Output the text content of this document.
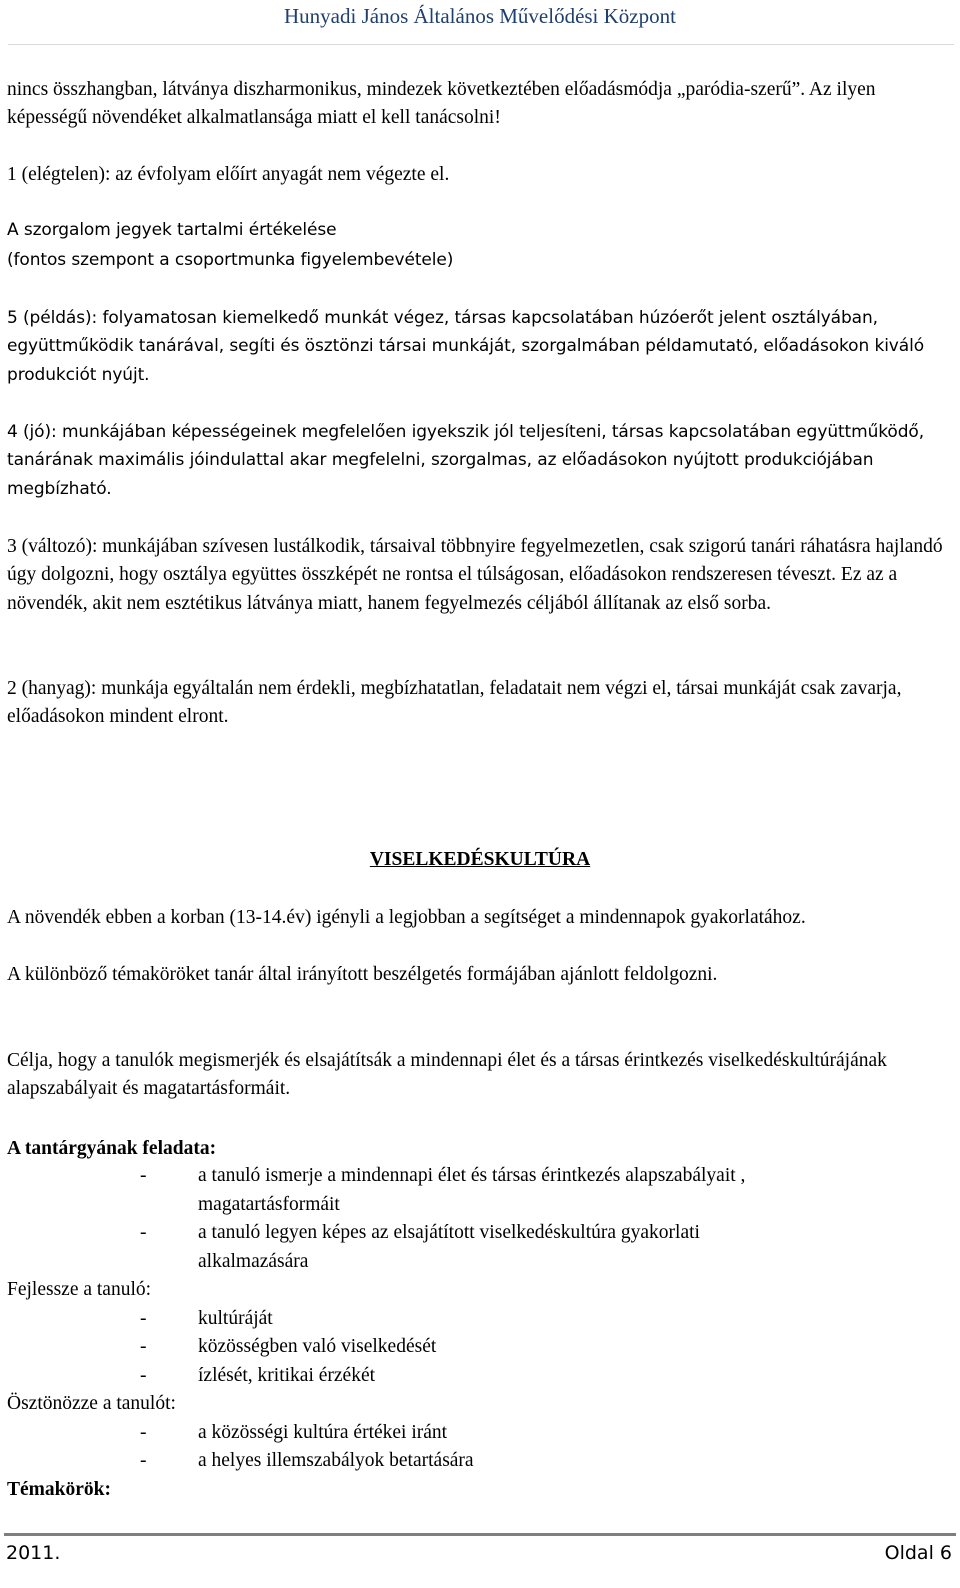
Hunyadi János Általános Művelődési Központ

nincs összhangban, látványa diszharmonikus, mindezek következtében előadásmódja „paródia-szerű”. Az ilyen képességű növendéket alkalmatlansága miatt el kell tanácsolni!

1 (elégtelen): az évfolyam előírt anyagát nem végezte el.

A szorgalom jegyek tartalmi értékelése

(fontos szempont a csoportmunka figyelembevétele)

5 (példás): folyamatosan kiemelkedő munkát végez, társas kapcsolatában húzóerőt jelent osztályában, együttműködik tanárával, segíti és ösztönzi társai munkáját, szorgalmában példamutató, előadásokon kiváló produkciót nyújt.

4 (jó): munkájában képességeinek megfelelően igyekszik jól teljesíteni, társas kapcsolatában együttműködő, tanárának maximális jóindulattal akar megfelelni, szorgalmas, az előadásokon nyújtott produkciójában megbízható.

3 (változó): munkájában szívesen lustálkodik, társaival többnyire fegyelmezetlen, csak szigorú tanári ráhatásra hajlandó úgy dolgozni, hogy osztálya együttes összképét ne rontsa el túlságosan, előadásokon rendszeresen téveszt. Ez az a növendék, akit nem esztétikus látványa miatt, hanem fegyelmezés céljából állítanak az első sorba.

2 (hanyag): munkája egyáltalán nem érdekli, megbízhatatlan, feladatait nem végzi el, társai munkáját csak zavarja, előadásokon mindent elront.

VISELKEDÉSKULTÚRA

A növendék ebben a korban (13-14.év) igényli a legjobban a segítséget a mindennapok gyakorlatához.

A különböző témaköröket tanár által irányított beszélgetés formájában ajánlott feldolgozni.

Célja, hogy a tanulók megismerjék és elsajátítsák a mindennapi élet és a társas érintkezés viselkedéskultúrájának alapszabályait és magatartásformáit.

A tantárgyának feladata:
-	a tanuló ismerje a mindennapi élet és társas érintkezés alapszabályait ,
magatartásformáit
-	a tanuló legyen képes az elsajátított viselkedéskultúra gyakorlati
alkalmazására
Fejlessze a tanuló:
-	kultúráját
-	közösségben való viselkedését
-	ízlését, kritikai érzékét
Ösztönözze a tanulót:
-	a közösségi kultúra értékei iránt
-	a helyes illemszabályok betartására
Témakörök:
2011.	Oldal 6
